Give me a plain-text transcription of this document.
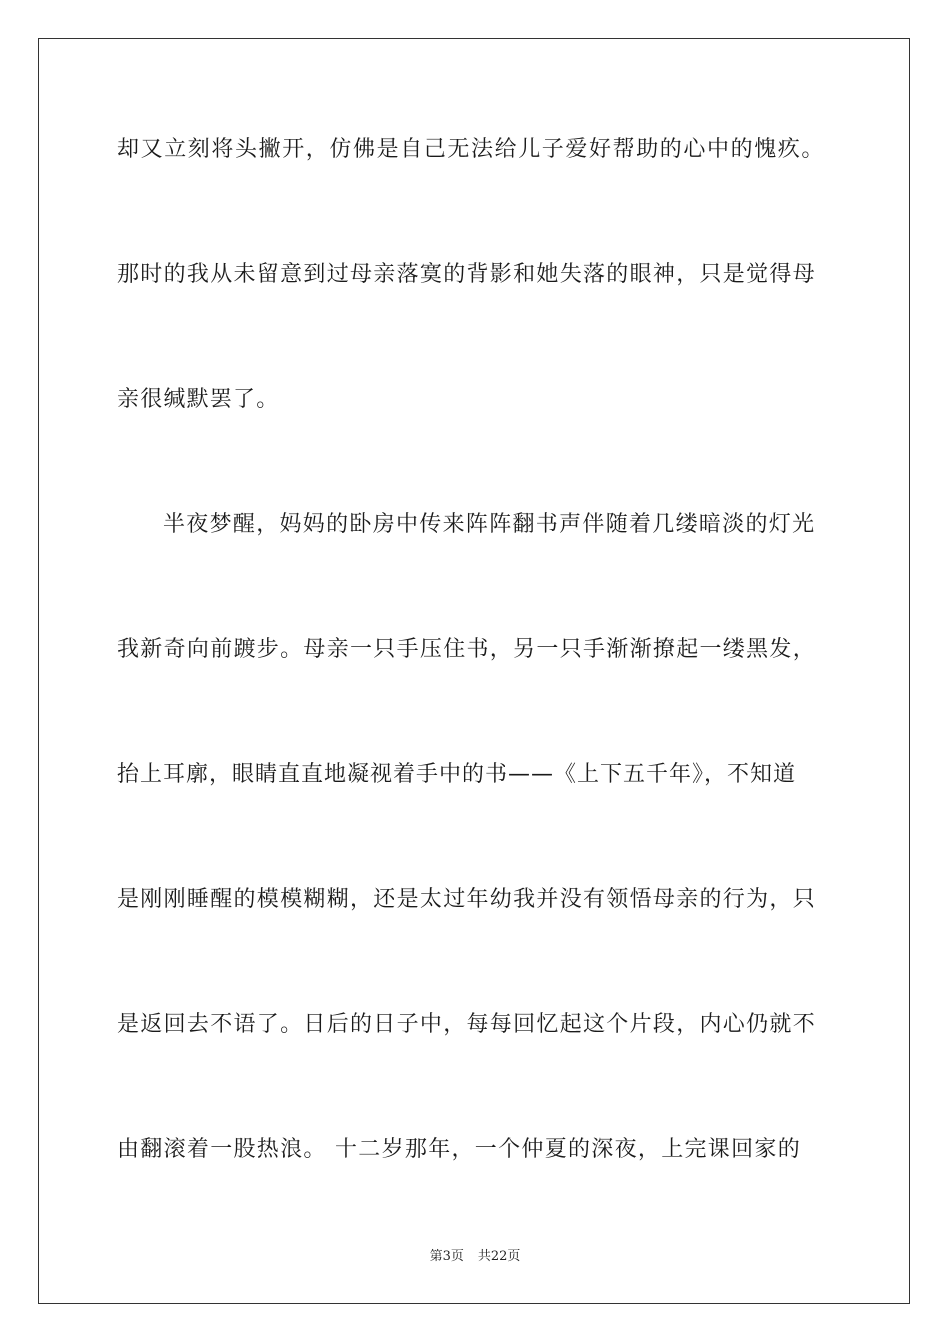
却又立刻将头撇开，仿佛是自己无法给儿子爱好帮助的心中的愧疚。
那时的我从未留意到过母亲落寞的背影和她失落的眼神，只是觉得母
亲很缄默罢了。
半夜梦醒，妈妈的卧房中传来阵阵翻书声伴随着几缕暗淡的灯光
我新奇向前踱步。母亲一只手压住书，另一只手渐渐撩起一缕黑发，
抬上耳廓，眼睛直直地凝视着手中的书——《上下五千年》，不知道
是刚刚睡醒的模模糊糊，还是太过年幼我并没有领悟母亲的行为，只
是返回去不语了。日后的日子中，每每回忆起这个片段，内心仍就不
由翻滚着一股热浪。 十二岁那年，一个仲夏的深夜，上完课回家的
第3页 共22页
